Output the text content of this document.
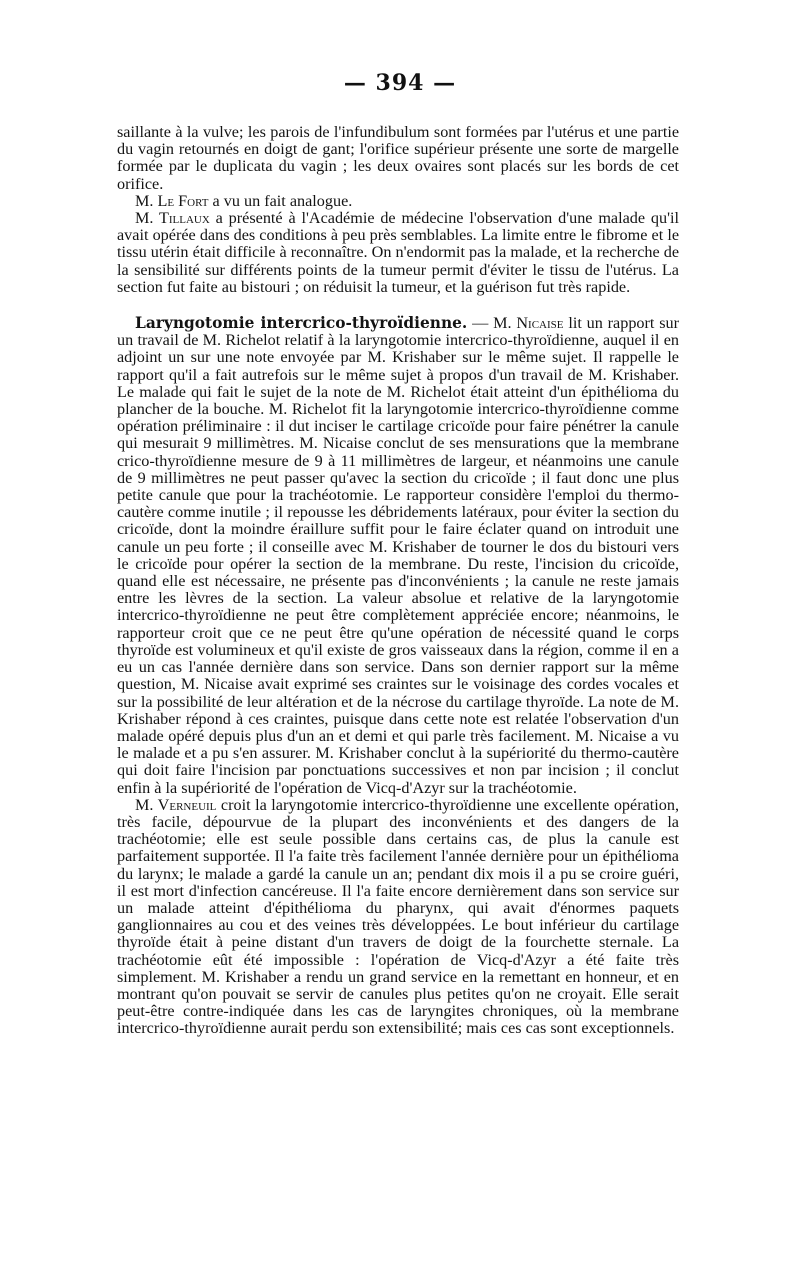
— 394 —

saillante à la vulve; les parois de l'infundibulum sont formées par l'utérus et une partie du vagin retournés en doigt de gant; l'orifice supérieur présente une sorte de margelle formée par le duplicata du vagin ; les deux ovaires sont placés sur les bords de cet orifice.

M. Le Fort a vu un fait analogue.

M. Tillaux a présenté à l'Académie de médecine l'observation d'une malade qu'il avait opérée dans des conditions à peu près semblables. La limite entre le fibrome et le tissu utérin était difficile à reconnaître. On n'endormit pas la malade, et la recherche de la sensibilité sur différents points de la tumeur permit d'éviter le tissu de l'utérus. La section fut faite au bistouri ; on réduisit la tumeur, et la guérison fut très rapide.

Laryngotomie intercrico-thyroïdienne. — M. Nicaise lit un rapport sur un travail de M. Richelot relatif à la laryngotomie intercrico-thyroïdienne, auquel il en adjoint un sur une note envoyée par M. Krishaber sur le même sujet. Il rappelle le rapport qu'il a fait autrefois sur le même sujet à propos d'un travail de M. Krishaber. Le malade qui fait le sujet de la note de M. Richelot était atteint d'un épithélioma du plancher de la bouche. M. Richelot fit la laryngotomie intercrico-thyroïdienne comme opération préliminaire : il dut inciser le cartilage cricoïde pour faire pénétrer la canule qui mesurait 9 millimètres. M. Nicaise conclut de ses mensurations que la membrane crico-thyroïdienne mesure de 9 à 11 millimètres de largeur, et néanmoins une canule de 9 millimètres ne peut passer qu'avec la section du cricoïde ; il faut donc une plus petite canule que pour la trachéotomie. Le rapporteur considère l'emploi du thermo-cautère comme inutile ; il repousse les débridements latéraux, pour éviter la section du cricoïde, dont la moindre éraillure suffit pour le faire éclater quand on introduit une canule un peu forte ; il conseille avec M. Krishaber de tourner le dos du bistouri vers le cricoïde pour opérer la section de la membrane. Du reste, l'incision du cricoïde, quand elle est nécessaire, ne présente pas d'inconvénients ; la canule ne reste jamais entre les lèvres de la section. La valeur absolue et relative de la laryngotomie intercrico-thyroïdienne ne peut être complètement appréciée encore; néanmoins, le rapporteur croit que ce ne peut être qu'une opération de nécessité quand le corps thyroïde est volumineux et qu'il existe de gros vaisseaux dans la région, comme il en a eu un cas l'année dernière dans son service. Dans son dernier rapport sur la même question, M. Nicaise avait exprimé ses craintes sur le voisinage des cordes vocales et sur la possibilité de leur altération et de la nécrose du cartilage thyroïde. La note de M. Krishaber répond à ces craintes, puisque dans cette note est relatée l'observation d'un malade opéré depuis plus d'un an et demi et qui parle très facilement. M. Nicaise a vu le malade et a pu s'en assurer. M. Krishaber conclut à la supériorité du thermo-cautère qui doit faire l'incision par ponctuations successives et non par incision ; il conclut enfin à la supériorité de l'opération de Vicq-d'Azyr sur la trachéotomie.

M. Verneuil croit la laryngotomie intercrico-thyroïdienne une excellente opération, très facile, dépourvue de la plupart des inconvénients et des dangers de la trachéotomie; elle est seule possible dans certains cas, de plus la canule est parfaitement supportée. Il l'a faite très facilement l'année dernière pour un épithélioma du larynx; le malade a gardé la canule un an; pendant dix mois il a pu se croire guéri, il est mort d'infection cancéreuse. Il l'a faite encore dernièrement dans son service sur un malade atteint d'épithélioma du pharynx, qui avait d'énormes paquets ganglionnaires au cou et des veines très développées. Le bout inférieur du cartilage thyroïde était à peine distant d'un travers de doigt de la fourchette sternale. La trachéotomie eût été impossible : l'opération de Vicq-d'Azyr a été faite très simplement. M. Krishaber a rendu un grand service en la remettant en honneur, et en montrant qu'on pouvait se servir de canules plus petites qu'on ne croyait. Elle serait peut-être contre-indiquée dans les cas de laryngites chroniques, où la membrane intercrico-thyroïdienne aurait perdu son extensibilité; mais ces cas sont exceptionnels.
